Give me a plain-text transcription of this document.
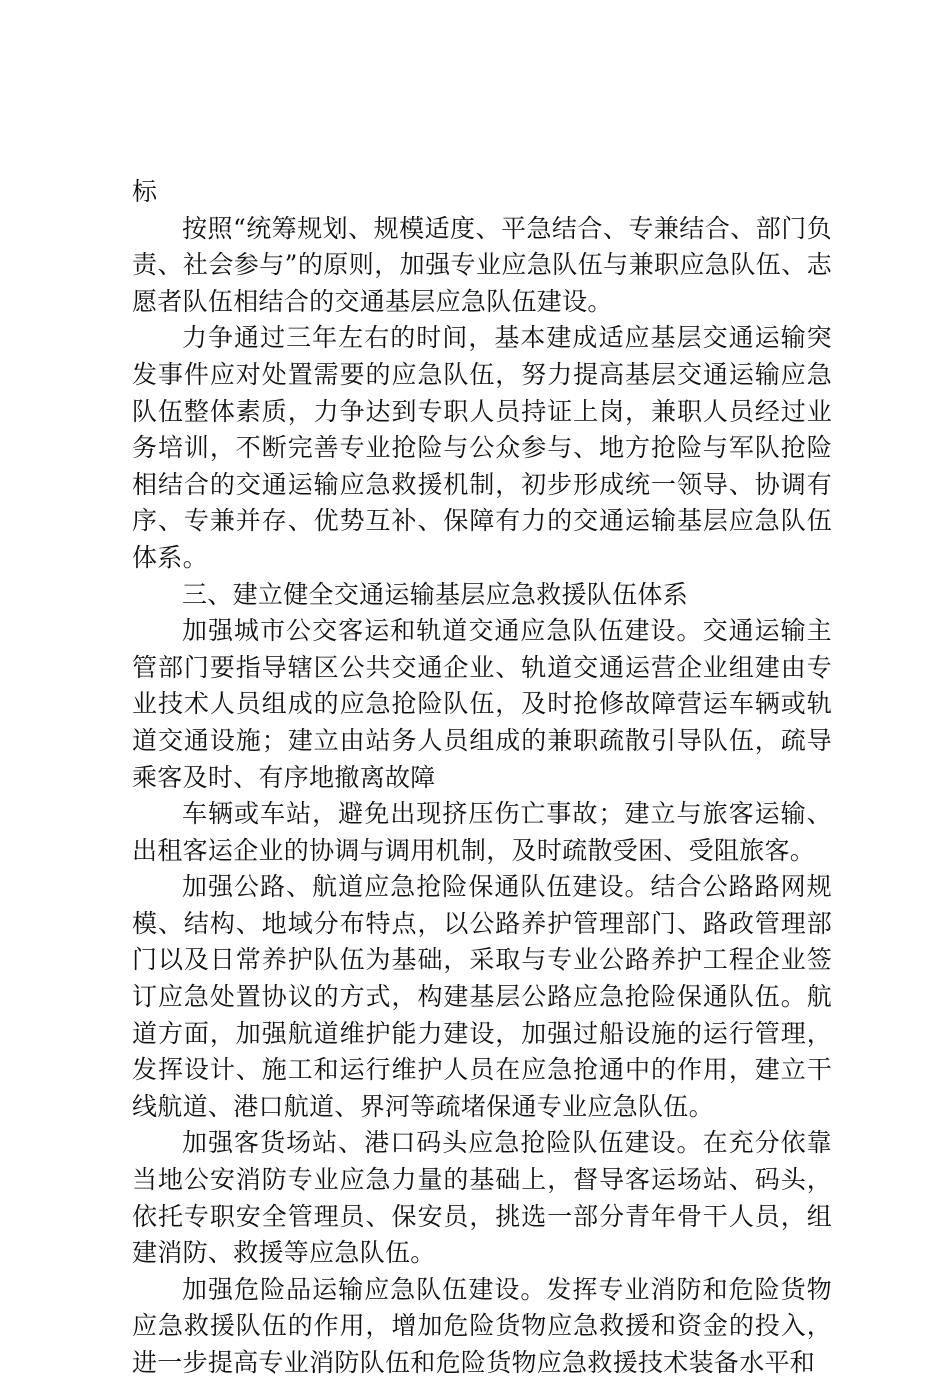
标

按照“统筹规划、规模适度、平急结合、专兼结合、部门负责、社会参与”的原则，加强专业应急队伍与兼职应急队伍、志愿者队伍相结合的交通基层应急队伍建设。

力争通过三年左右的时间，基本建成适应基层交通运输突发事件应对处置需要的应急队伍，努力提高基层交通运输应急队伍整体素质，力争达到专职人员持证上岗，兼职人员经过业务培训，不断完善专业抢险与公众参与、地方抢险与军队抢险相结合的交通运输应急救援机制，初步形成统一领导、协调有序、专兼并存、优势互补、保障有力的交通运输基层应急队伍体系。

三、建立健全交通运输基层应急救援队伍体系

加强城市公交客运和轨道交通应急队伍建设。交通运输主管部门要指导辖区公共交通企业、轨道交通运营企业组建由专业技术人员组成的应急抢险队伍，及时抢修故障营运车辆或轨道交通设施；建立由站务人员组成的兼职疏散引导队伍，疏导乘客及时、有序地撤离故障

车辆或车站，避免出现挤压伤亡事故；建立与旅客运输、出租客运企业的协调与调用机制，及时疏散受困、受阻旅客。

加强公路、航道应急抢险保通队伍建设。结合公路路网规模、结构、地域分布特点，以公路养护管理部门、路政管理部门以及日常养护队伍为基础，采取与专业公路养护工程企业签订应急处置协议的方式，构建基层公路应急抢险保通队伍。航道方面，加强航道维护能力建设，加强过船设施的运行管理，发挥设计、施工和运行维护人员在应急抢通中的作用，建立干线航道、港口航道、界河等疏堵保通专业应急队伍。

加强客货场站、港口码头应急抢险队伍建设。在充分依靠当地公安消防专业应急力量的基础上，督导客运场站、码头，依托专职安全管理员、保安员，挑选一部分青年骨干人员，组建消防、救援等应急队伍。

加强危险品运输应急队伍建设。发挥专业消防和危险货物应急救援队伍的作用，增加危险货物应急救援和资金的投入，进一步提高专业消防队伍和危险货物应急救援技术装备水平和
